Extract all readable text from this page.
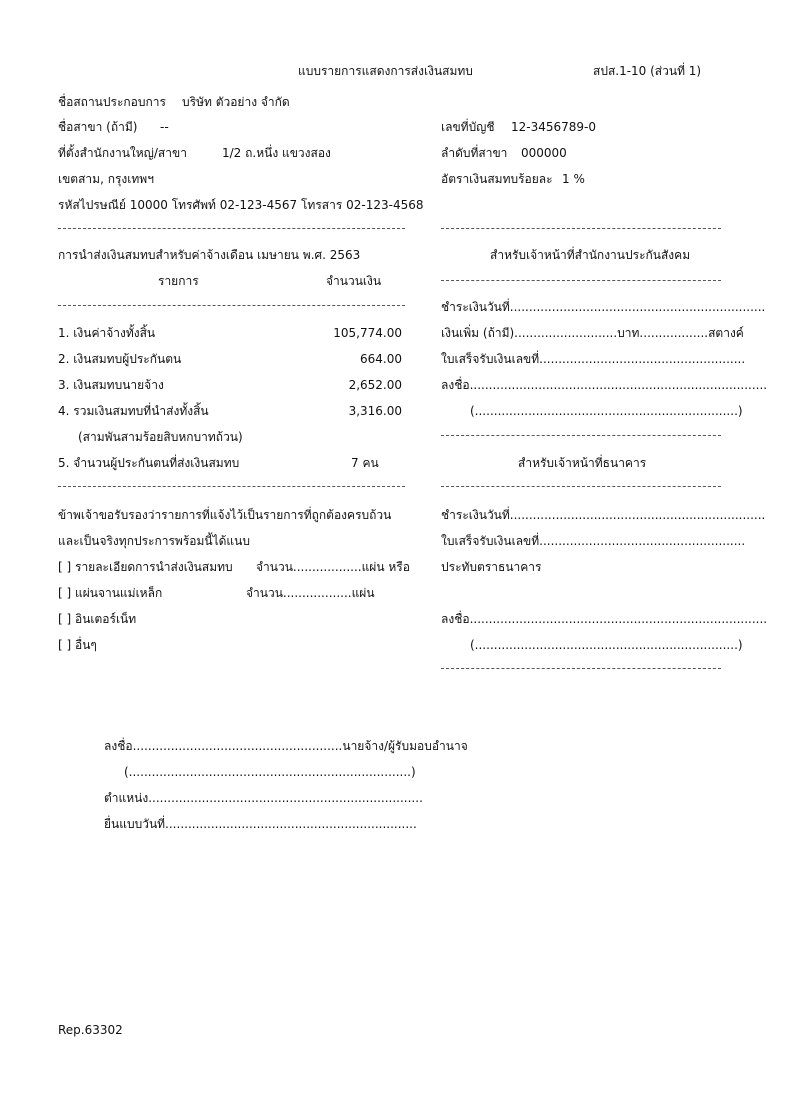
แบบรายการแสดงการส่งเงินสมทบ	สปส.1-10 (ส่วนที่ 1)
ชื่อสถานประกอบการ บริษัท ตัวอย่าง จำกัด
ชื่อสาขา (ถ้ามี) --
ที่ตั้งสำนักงานใหญ่/สาขา	1/2 ถ.หนึ่ง แขวงสอง
เขตสาม, กรุงเทพฯ
รหัสไปรษณีย์ 10000 โทรศัพท์ 02-123-4567 โทรสาร 02-123-4568
เลขที่บัญชี 12-3456789-0
ลำดับที่สาขา 000000
อัตราเงินสมทบร้อยละ 1 %
การนำส่งเงินสมทบสำหรับค่าจ้างเดือน เมษายน พ.ศ. 2563
รายการ	จำนวนเงิน
สำหรับเจ้าหน้าที่สำนักงานประกันสังคม
1. เงินค่าจ้างทั้งสิ้น	105,774.00
2. เงินสมทบผู้ประกันตน	664.00
3. เงินสมทบนายจ้าง	2,652.00
4. รวมเงินสมทบที่นำส่งทั้งสิ้น	3,316.00
(สามพันสามร้อยสิบหกบาทถ้วน)
5. จำนวนผู้ประกันตนที่ส่งเงินสมทบ	7 คน
ชำระเงินวันที่...................................................................
เงินเพิ่ม (ถ้ามี)...........................บาท..................สตางค์
ใบเสร็จรับเงินเลขที่......................................................
ลงชื่อ..............................................................................
(.....................................................................)
สำหรับเจ้าหน้าที่ธนาคาร
ชำระเงินวันที่...................................................................
ใบเสร็จรับเงินเลขที่......................................................
ประทับตราธนาคาร
ลงชื่อ..............................................................................
(.....................................................................)
ข้าพเจ้าขอรับรองว่ารายการที่แจ้งไว้เป็นรายการที่ถูกต้องครบถ้วน
และเป็นจริงทุกประการพร้อมนี้ได้แนบ
[ ] รายละเอียดการนำส่งเงินสมทบ จำนวน..................แผ่น หรือ
[ ] แผ่นจานแม่เหล็ก	จำนวน..................แผ่น
[ ] อินเตอร์เน็ท
[ ] อื่นๆ
ลงชื่อ.......................................................นายจ้าง/ผู้รับมอบอำนาจ
(..........................................................................)
ตำแหน่ง........................................................................
ยื่นแบบวันที่..................................................................
Rep.63302
